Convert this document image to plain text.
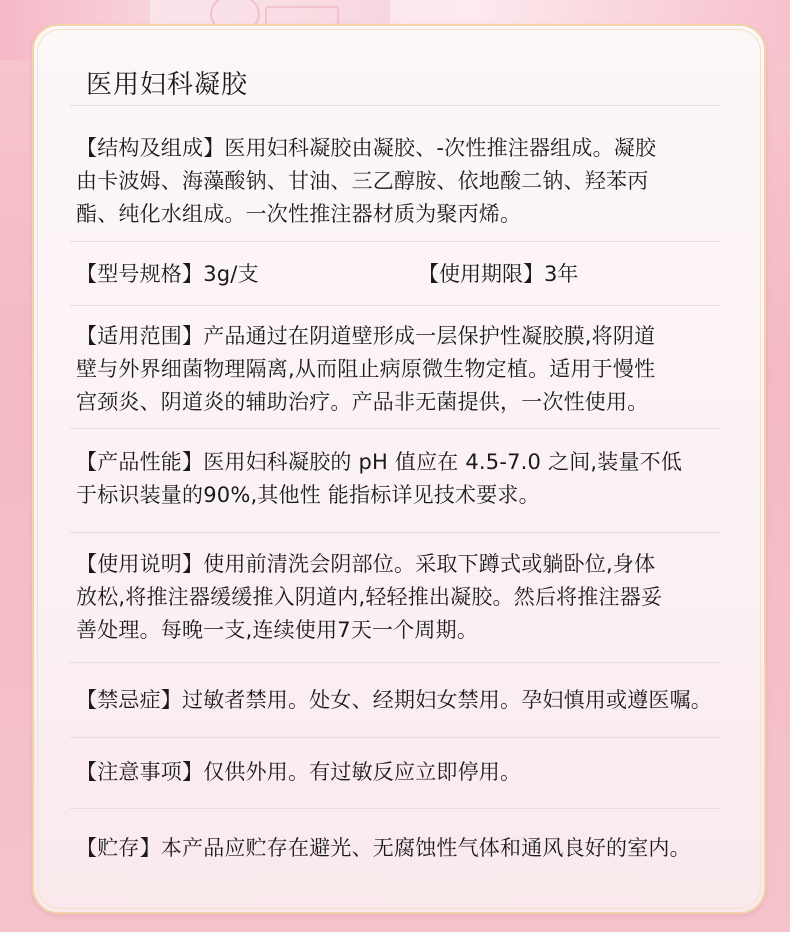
医用妇科凝胶
【结构及组成】医用妇科凝胶由凝胶、-次性推注器组成。凝胶
由卡波姆、海藻酸钠、甘油、三乙醇胺、依地酸二钠、羟苯丙
酯、纯化水组成。一次性推注器材质为聚丙烯。
【型号规格】3g/支	【使用期限】3年
【适用范围】产品通过在阴道壁形成一层保护性凝胶膜,将阴道
壁与外界细菌物理隔离,从而阻止病原微生物定植。适用于慢性
宫颈炎、阴道炎的辅助治疗。产品非无菌提供，一次性使用。
【产品性能】医用妇科凝胶的 pH 值应在 4.5-7.0 之间,装量不低
于标识装量的90%,其他性 能指标详见技术要求。
【使用说明】使用前清洗会阴部位。采取下蹲式或躺卧位,身体
放松,将推注器缓缓推入阴道内,轻轻推出凝胶。然后将推注器妥
善处理。每晚一支,连续使用7天一个周期。
【禁忌症】过敏者禁用。处女、经期妇女禁用。孕妇慎用或遵医嘱。
【注意事项】仅供外用。有过敏反应立即停用。
【贮存】本产品应贮存在避光、无腐蚀性气体和通风良好的室内。
